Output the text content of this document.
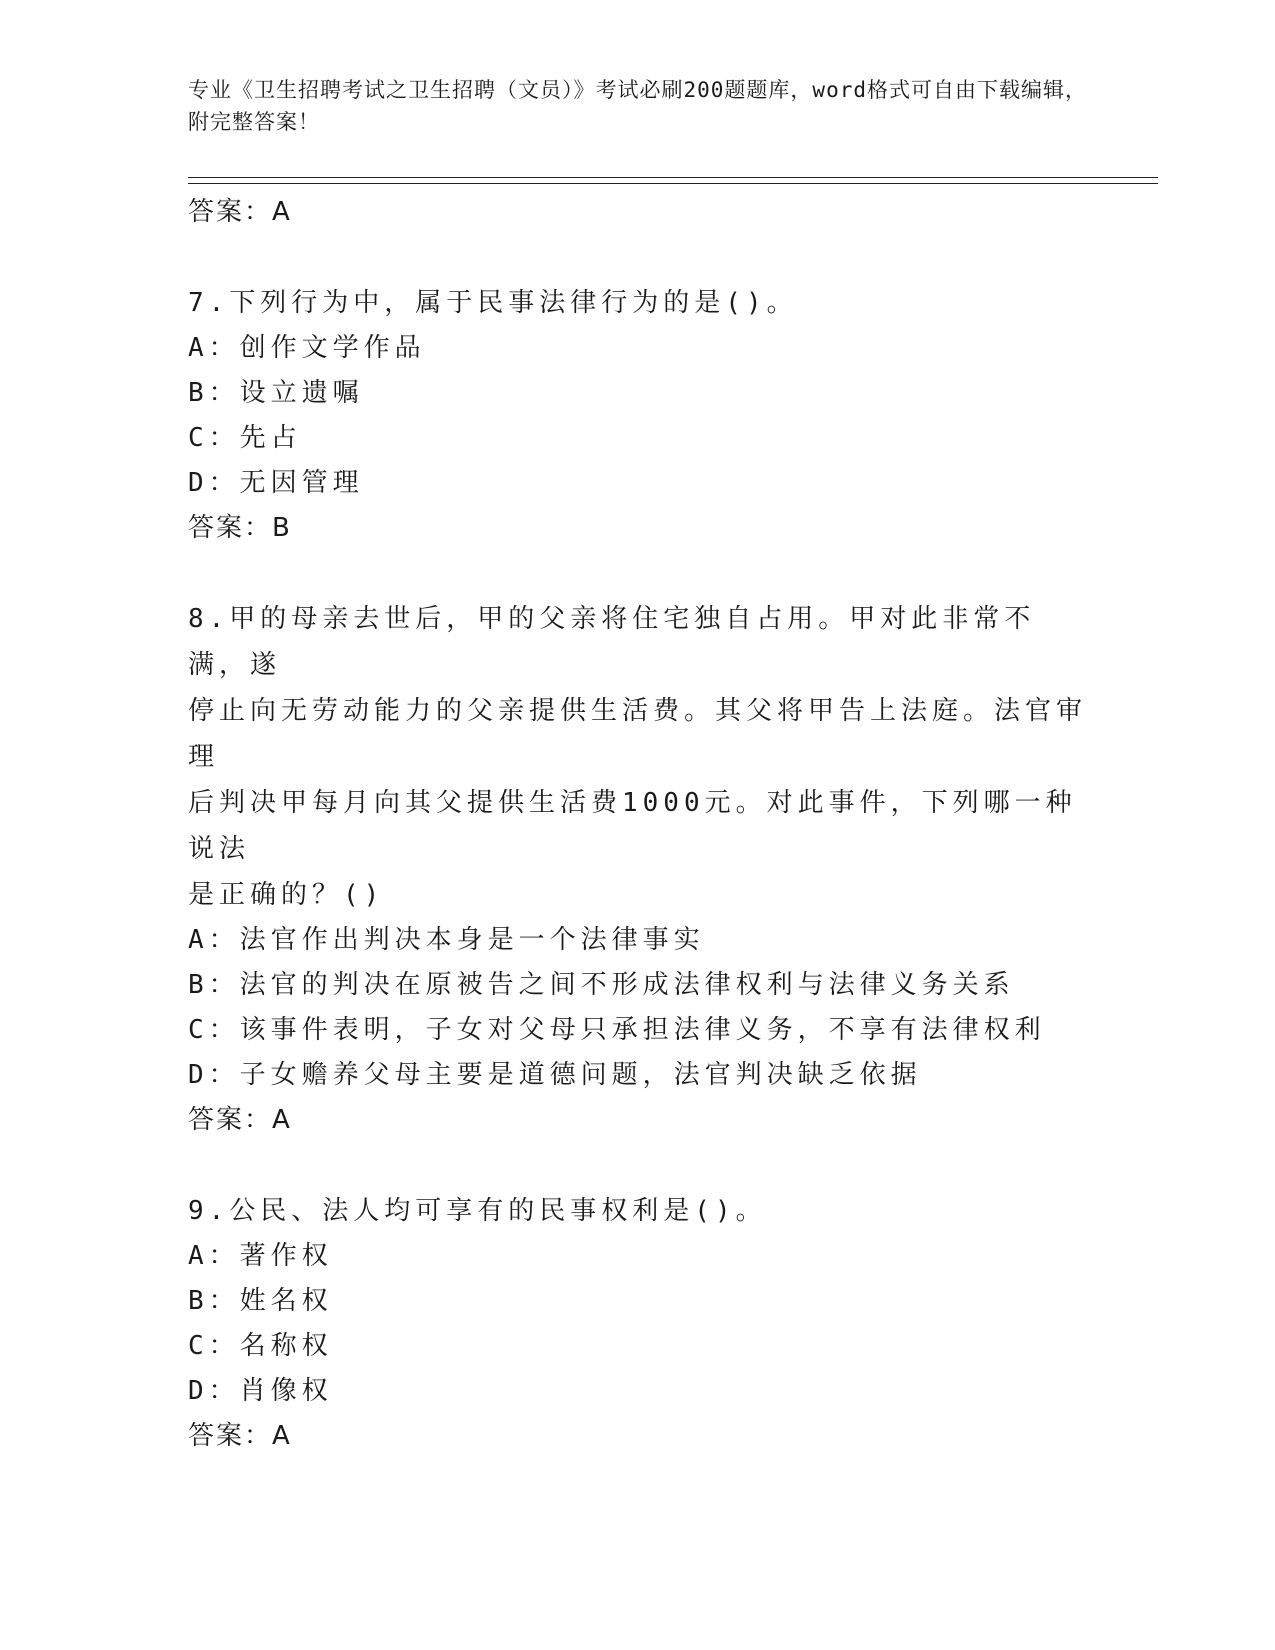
专业《卫生招聘考试之卫生招聘（文员）》考试必刷200题题库，word格式可自由下载编辑，附完整答案！

答案：A

7.下列行为中，属于民事法律行为的是()。

A：创作文学作品

B：设立遗嘱

C：先占

D：无因管理

答案：B

8.甲的母亲去世后，甲的父亲将住宅独自占用。甲对此非常不满，遂

停止向无劳动能力的父亲提供生活费。其父将甲告上法庭。法官审理

后判决甲每月向其父提供生活费1000元。对此事件，下列哪一种说法

是正确的？()

A：法官作出判决本身是一个法律事实

B：法官的判决在原被告之间不形成法律权利与法律义务关系

C：该事件表明，子女对父母只承担法律义务，不享有法律权利

D：子女赡养父母主要是道德问题，法官判决缺乏依据

答案：A

9.公民、法人均可享有的民事权利是()。

A：著作权

B：姓名权

C：名称权

D：肖像权

答案：A
